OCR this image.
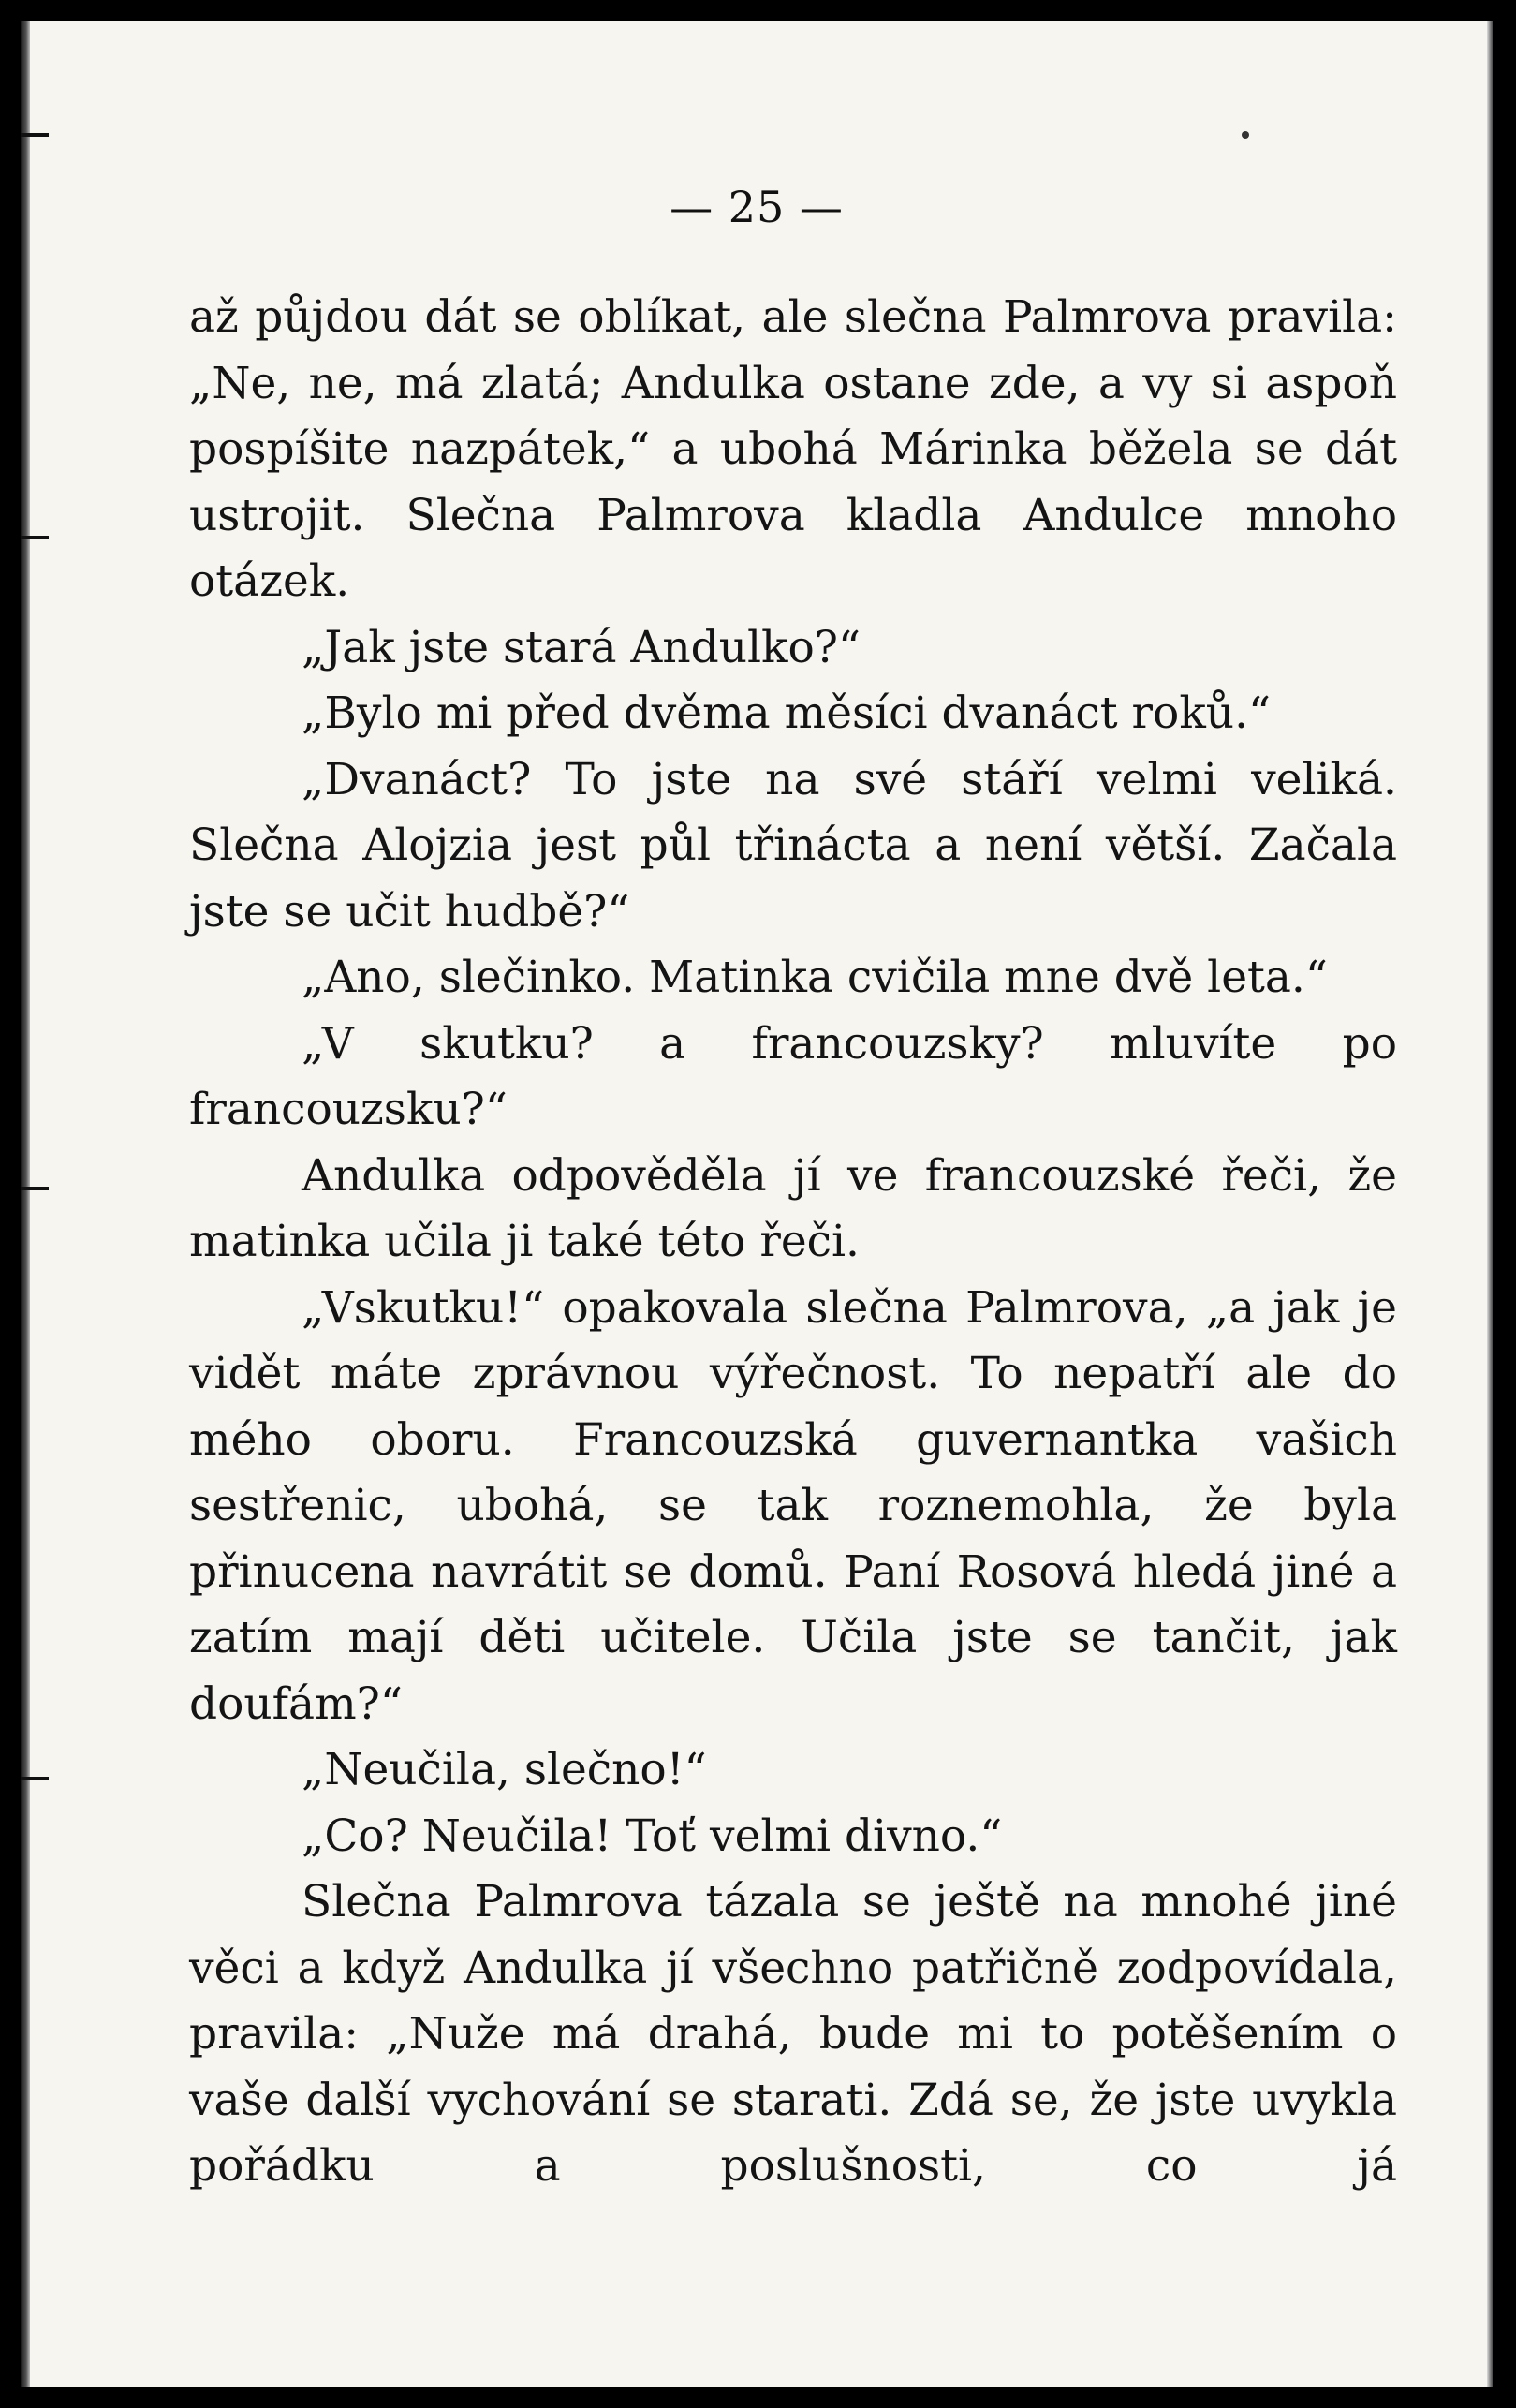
— 25 —

až půjdou dát se oblíkat, ale slečna Palmrova pravila: „Ne, ne, má zlatá; Andulka ostane zde, a vy si aspoň pospíšite nazpátek,“ a ubohá Márinka běžela se dát ustrojit. Slečna Palmrova kladla Andulce mnoho otázek.

„Jak jste stará Andulko?“

„Bylo mi před dvěma měsíci dvanáct roků.“

„Dvanáct? To jste na své stáří velmi veliká. Slečna Alojzia jest půl třinácta a není větší. Začala jste se učit hudbě?“

„Ano, slečinko. Matinka cvičila mne dvě leta.“

„V skutku? a francouzsky? mluvíte po francouzsku?“

Andulka odpověděla jí ve francouzské řeči, že matinka učila ji také této řeči.

„Vskutku!“ opakovala slečna Palmrova, „a jak je vidět máte zprávnou výřečnost. To nepatří ale do mého oboru. Francouzská guvernantka vašich sestřenic, ubohá, se tak roznemohla, že byla přinucena navrátit se domů. Paní Rosová hledá jiné a zatím mají děti učitele. Učila jste se tančit, jak doufám?“

„Neučila, slečno!“

„Co? Neučila! Toť velmi divno.“

Slečna Palmrova tázala se ještě na mnohé jiné věci a když Andulka jí všechno patřičně zodpovídala, pravila: „Nuže má drahá, bude mi to potěšením o vaše další vychování se starati. Zdá se, že jste uvykla pořádku a poslušnosti, co já
